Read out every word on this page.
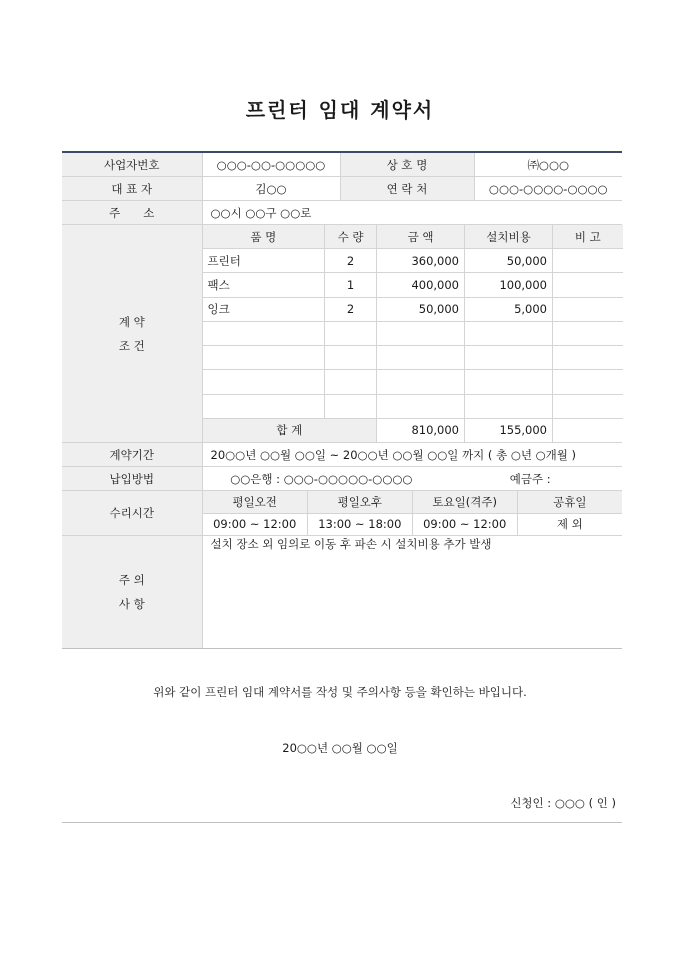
프린터 임대 계약서
사업자번호	○○○-○○-○○○○○	상 호 명	㈜○○○
대 표 자	김○○	연 락 처	○○○-○○○○-○○○○
주　　소	○○시 ○○구 ○○로

계 약
조 건

품 명	수 량	금 액	설치비용	비 고
프린터	2	360,000	50,000	
팩스	1	400,000	100,000	
잉크	2	50,000	5,000	

합 계	810,000	155,000	

계약기간	20○○년 ○○월 ○○일 ~ 20○○년 ○○월 ○○일 까지 ( 총 ○년 ○개월 )
납입방법	○○은행 : ○○○-○○○○○-○○○○	예금주 :
수리시간	
평일오전	평일오후	토요일(격주)	공휴일
09:00 ~ 12:00	13:00 ~ 18:00	09:00 ~ 12:00	제 외

주 의
사 항
	설치 장소 외 임의로 이동 후 파손 시 설치비용 추가 발생
위와 같이 프린터 임대 계약서를 작성 및 주의사항 등을 확인하는 바입니다.
20○○년 ○○월 ○○일
신청인 : ○○○ ( 인 )
